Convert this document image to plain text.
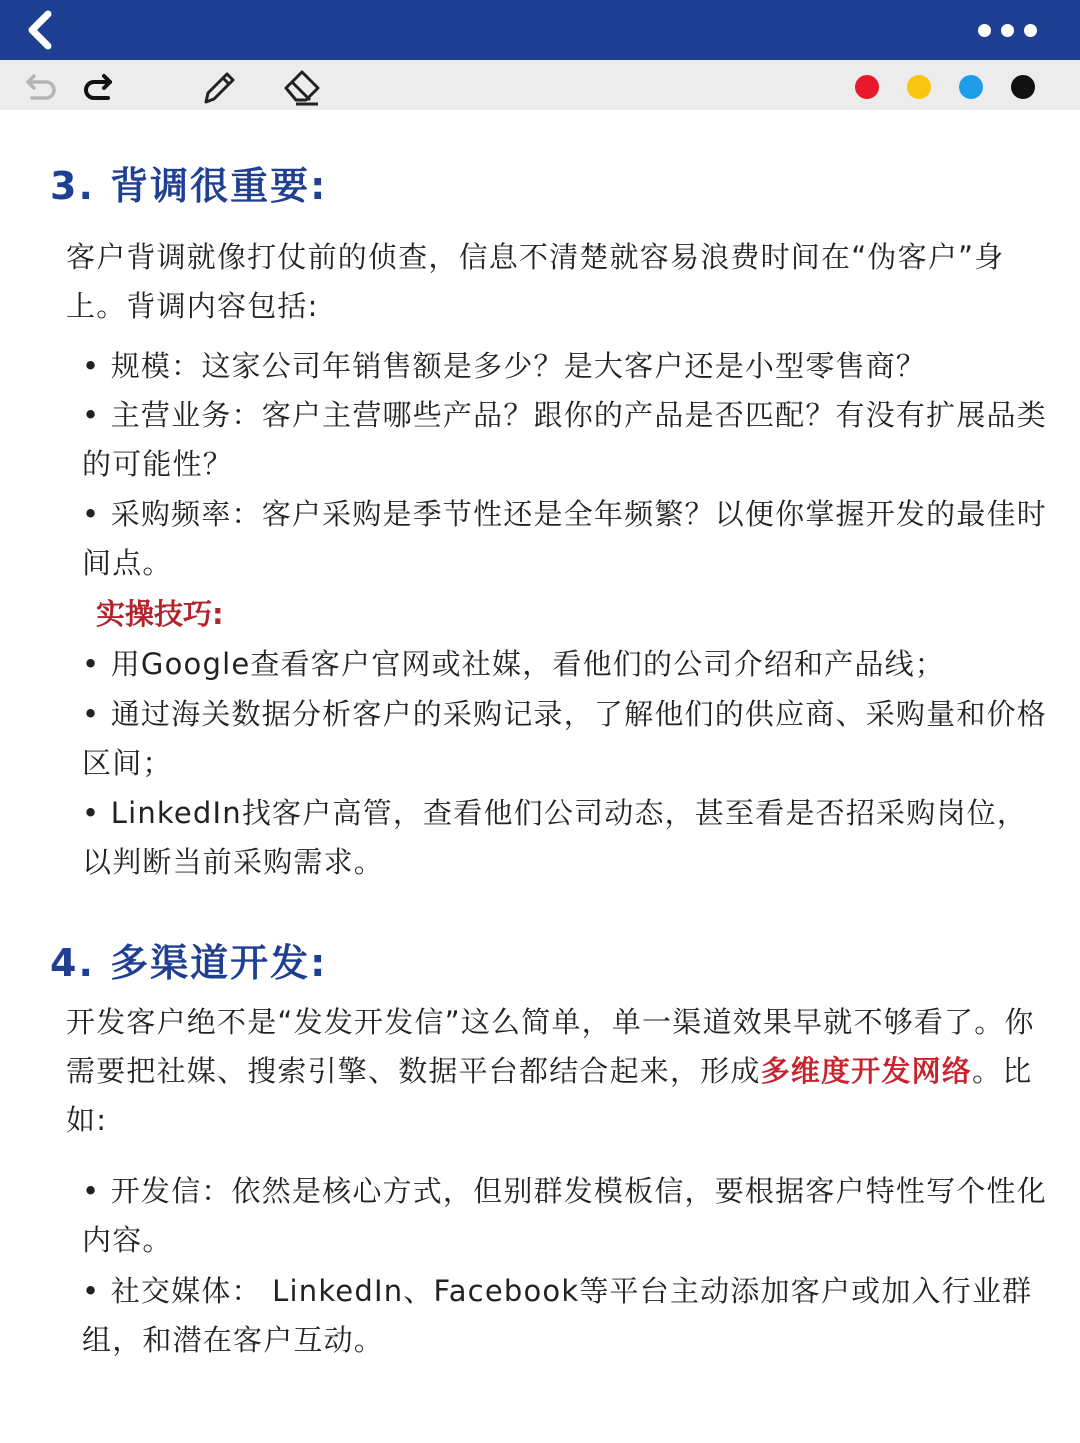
3. 背调很重要:
客户背调就像打仗前的侦查，信息不清楚就容易浪费时间在“伪客户”身上。背调内容包括:
• 规模：这家公司年销售额是多少？是大客户还是小型零售商？
• 主营业务：客户主营哪些产品？跟你的产品是否匹配？有没有扩展品类的可能性？
• 采购频率：客户采购是季节性还是全年频繁？以便你掌握开发的最佳时间点。
实操技巧:
• 用Google查看客户官网或社媒，看他们的公司介绍和产品线；
• 通过海关数据分析客户的采购记录，了解他们的供应商、采购量和价格区间；
• LinkedIn找客户高管，查看他们公司动态，甚至看是否招采购岗位，以判断当前采购需求。
4. 多渠道开发:
开发客户绝不是“发发开发信”这么简单，单一渠道效果早就不够看了。你需要把社媒、搜索引擎、数据平台都结合起来，形成多维度开发网络。比如:
• 开发信：依然是核心方式，但别群发模板信，要根据客户特性写个性化内容。
• 社交媒体： LinkedIn、Facebook等平台主动添加客户或加入行业群组，和潜在客户互动。
